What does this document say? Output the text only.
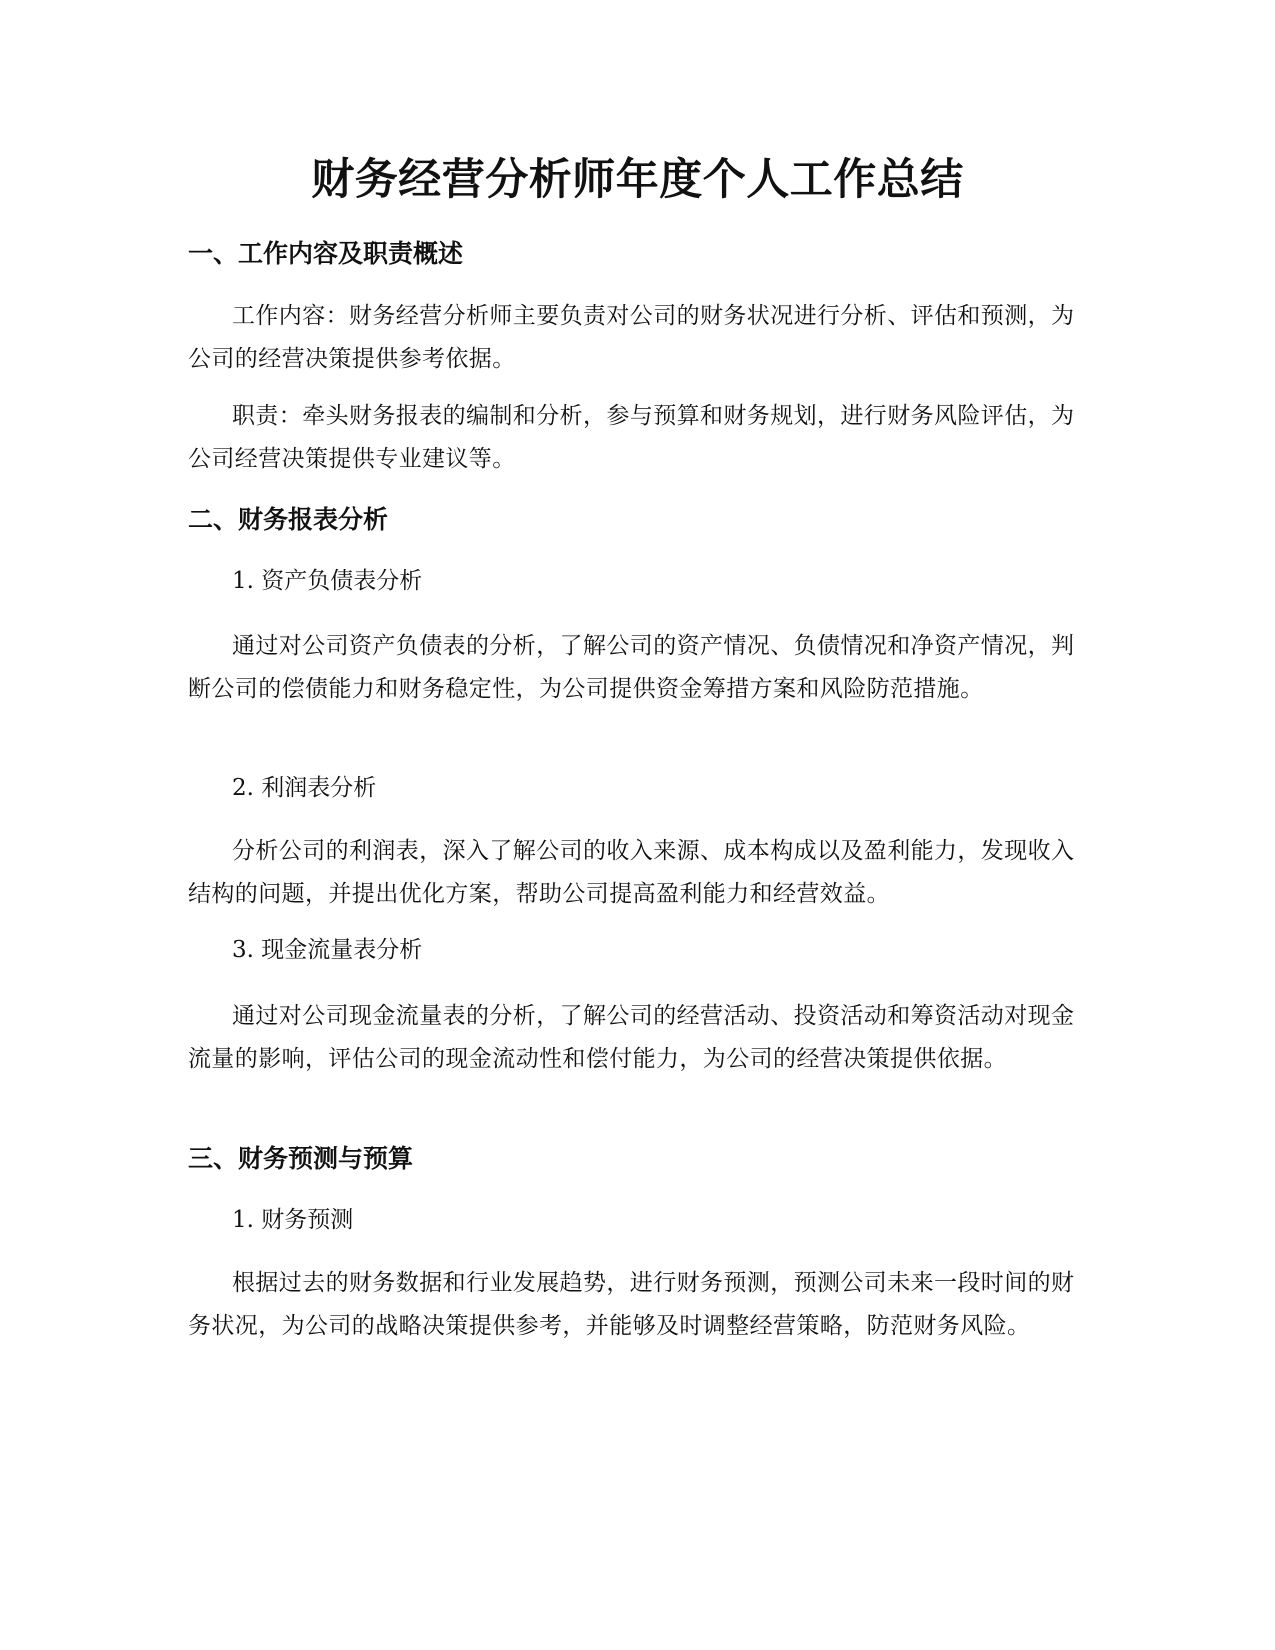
财务经营分析师年度个人工作总结
一、工作内容及职责概述

工作内容：财务经营分析师主要负责对公司的财务状况进行分析、评估和预测，为公司的经营决策提供参考依据。

职责：牵头财务报表的编制和分析，参与预算和财务规划，进行财务风险评估，为公司经营决策提供专业建议等。

二、财务报表分析

1. 资产负债表分析

通过对公司资产负债表的分析，了解公司的资产情况、负债情况和净资产情况，判断公司的偿债能力和财务稳定性，为公司提供资金筹措方案和风险防范措施。

2. 利润表分析

分析公司的利润表，深入了解公司的收入来源、成本构成以及盈利能力，发现收入结构的问题，并提出优化方案，帮助公司提高盈利能力和经营效益。

3. 现金流量表分析

通过对公司现金流量表的分析，了解公司的经营活动、投资活动和筹资活动对现金流量的影响，评估公司的现金流动性和偿付能力，为公司的经营决策提供依据。

三、财务预测与预算

1. 财务预测

根据过去的财务数据和行业发展趋势，进行财务预测，预测公司未来一段时间的财务状况，为公司的战略决策提供参考，并能够及时调整经营策略，防范财务风险。
